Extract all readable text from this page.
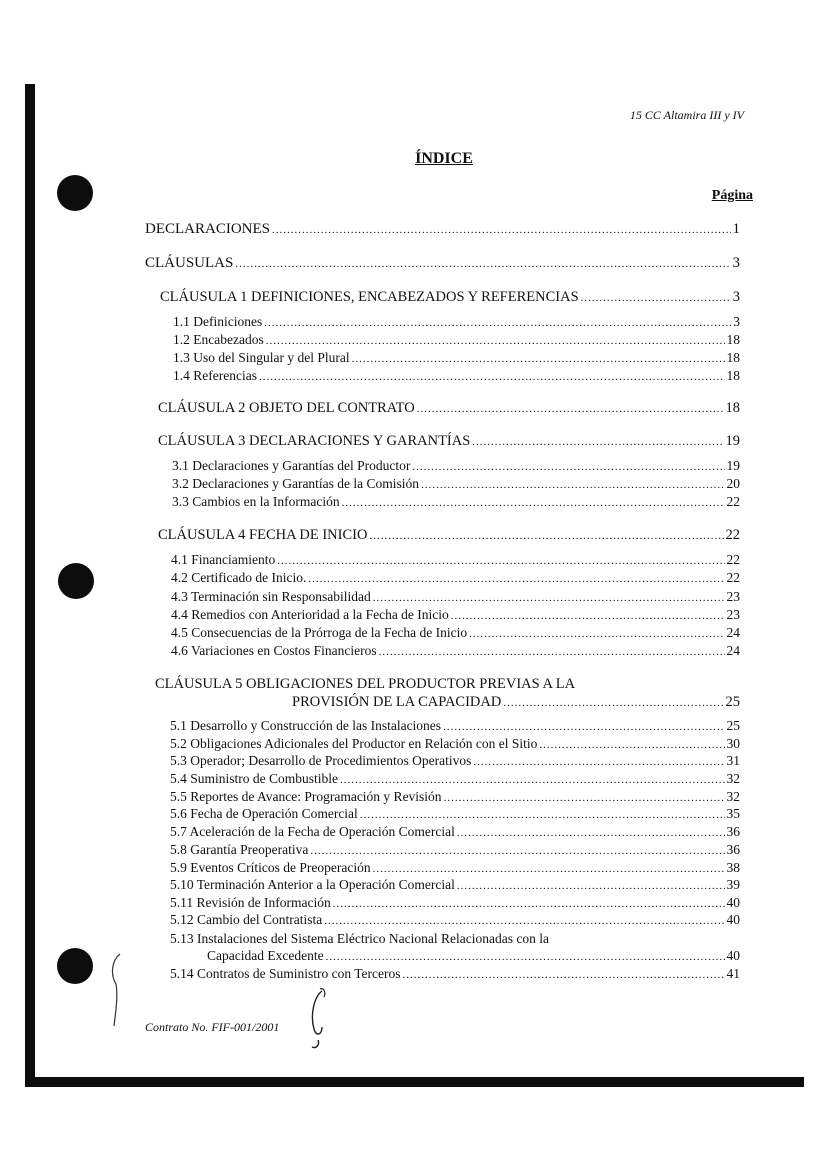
15 CC Altamira III y IV
ÍNDICE
Página
DECLARACIONES .....	1
CLÁUSULAS .....	3
CLÁUSULA 1 DEFINICIONES, ENCABEZADOS Y REFERENCIAS .....	3
1.1 Definiciones .....	3
1.2 Encabezados .....	18
1.3 Uso del Singular y del Plural .....	18
1.4 Referencias .....	18
CLÁUSULA 2 OBJETO DEL CONTRATO .....	18
CLÁUSULA 3 DECLARACIONES Y GARANTÍAS .....	19
3.1 Declaraciones y Garantías del Productor .....	19
3.2 Declaraciones y Garantías de la Comisión .....	20
3.3 Cambios en la Información .....	22
CLÁUSULA 4 FECHA DE INICIO .....	22
4.1 Financiamiento .....	22
4.2 Certificado de Inicio. .....	22
4.3 Terminación sin Responsabilidad .....	23
4.4 Remedios con Anterioridad a la Fecha de Inicio .....	23
4.5 Consecuencias de la Prórroga de la Fecha de Inicio .....	24
4.6 Variaciones en Costos Financieros .....	24
CLÁUSULA 5 OBLIGACIONES DEL PRODUCTOR PREVIAS A LA
PROVISIÓN DE LA CAPACIDAD .....	25
5.1 Desarrollo y Construcción de las Instalaciones .....	25
5.2 Obligaciones Adicionales del Productor en Relación con el Sitio .....	30
5.3 Operador; Desarrollo de Procedimientos Operativos .....	31
5.4 Suministro de Combustible .....	32
5.5 Reportes de Avance: Programación y Revisión .....	32
5.6 Fecha de Operación Comercial .....	35
5.7 Aceleración de la Fecha de Operación Comercial .....	36
5.8 Garantía Preoperativa .....	36
5.9 Eventos Críticos de Preoperación .....	38
5.10 Terminación Anterior a la Operación Comercial .....	39
5.11 Revisión de Información .....	40
5.12 Cambio del Contratista .....	40
5.13 Instalaciones del Sistema Eléctrico Nacional Relacionadas con la
Capacidad Excedente .....	40
5.14 Contratos de Suministro con Terceros .....	41
Contrato No. FIF-001/2001
